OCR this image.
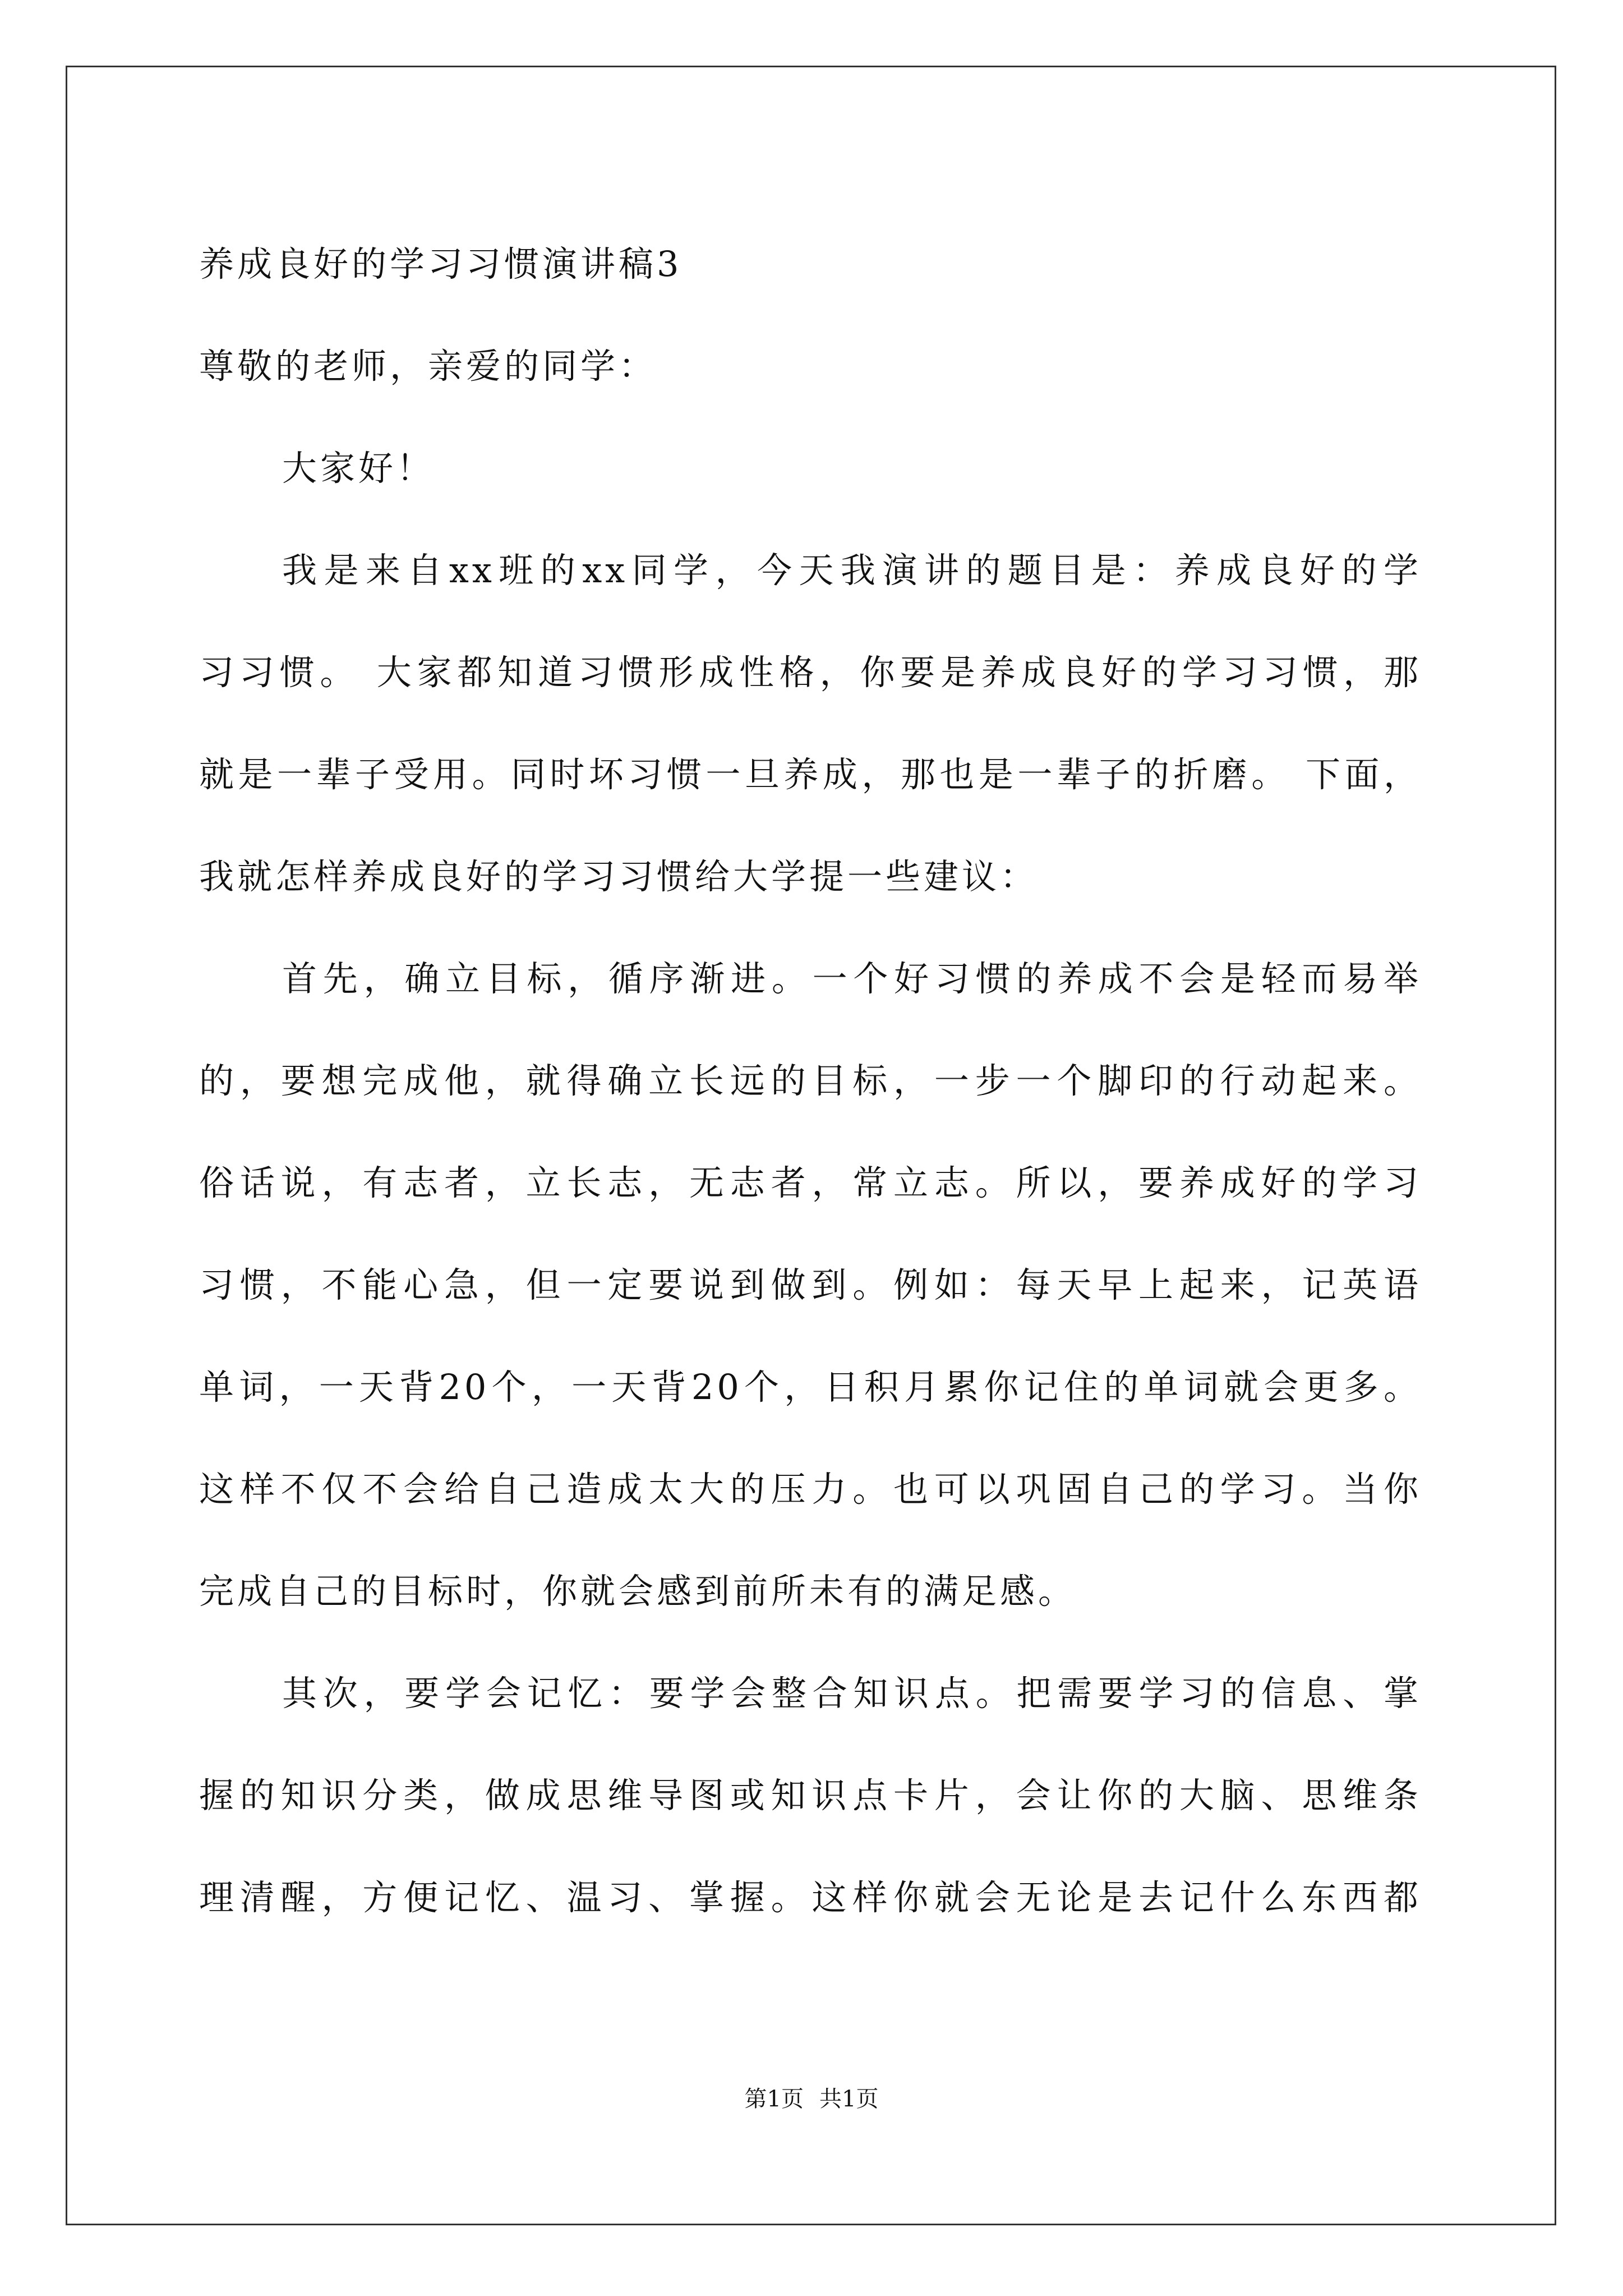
养成良好的学习习惯演讲稿3
尊敬的老师，亲爱的同学：
大家好！
我是来自xx班的xx同学，今天我演讲的题目是：养成良好的学
习习惯。 大家都知道习惯形成性格，你要是养成良好的学习习惯，那
就是一辈子受用。同时坏习惯一旦养成，那也是一辈子的折磨。 下面，
我就怎样养成良好的学习习惯给大学提一些建议：
首先，确立目标，循序渐进。一个好习惯的养成不会是轻而易举
的，要想完成他，就得确立长远的目标，一步一个脚印的行动起来。
俗话说，有志者，立长志，无志者，常立志。所以，要养成好的学习
习惯，不能心急，但一定要说到做到。例如：每天早上起来，记英语
单词，一天背20个，一天背20个，日积月累你记住的单词就会更多。
这样不仅不会给自己造成太大的压力。也可以巩固自己的学习。当你
完成自己的目标时，你就会感到前所未有的满足感。
其次，要学会记忆：要学会整合知识点。把需要学习的信息、掌
握的知识分类，做成思维导图或知识点卡片，会让你的大脑、思维条
理清醒，方便记忆、温习、掌握。这样你就会无论是去记什么东西都
第1页 共1页
